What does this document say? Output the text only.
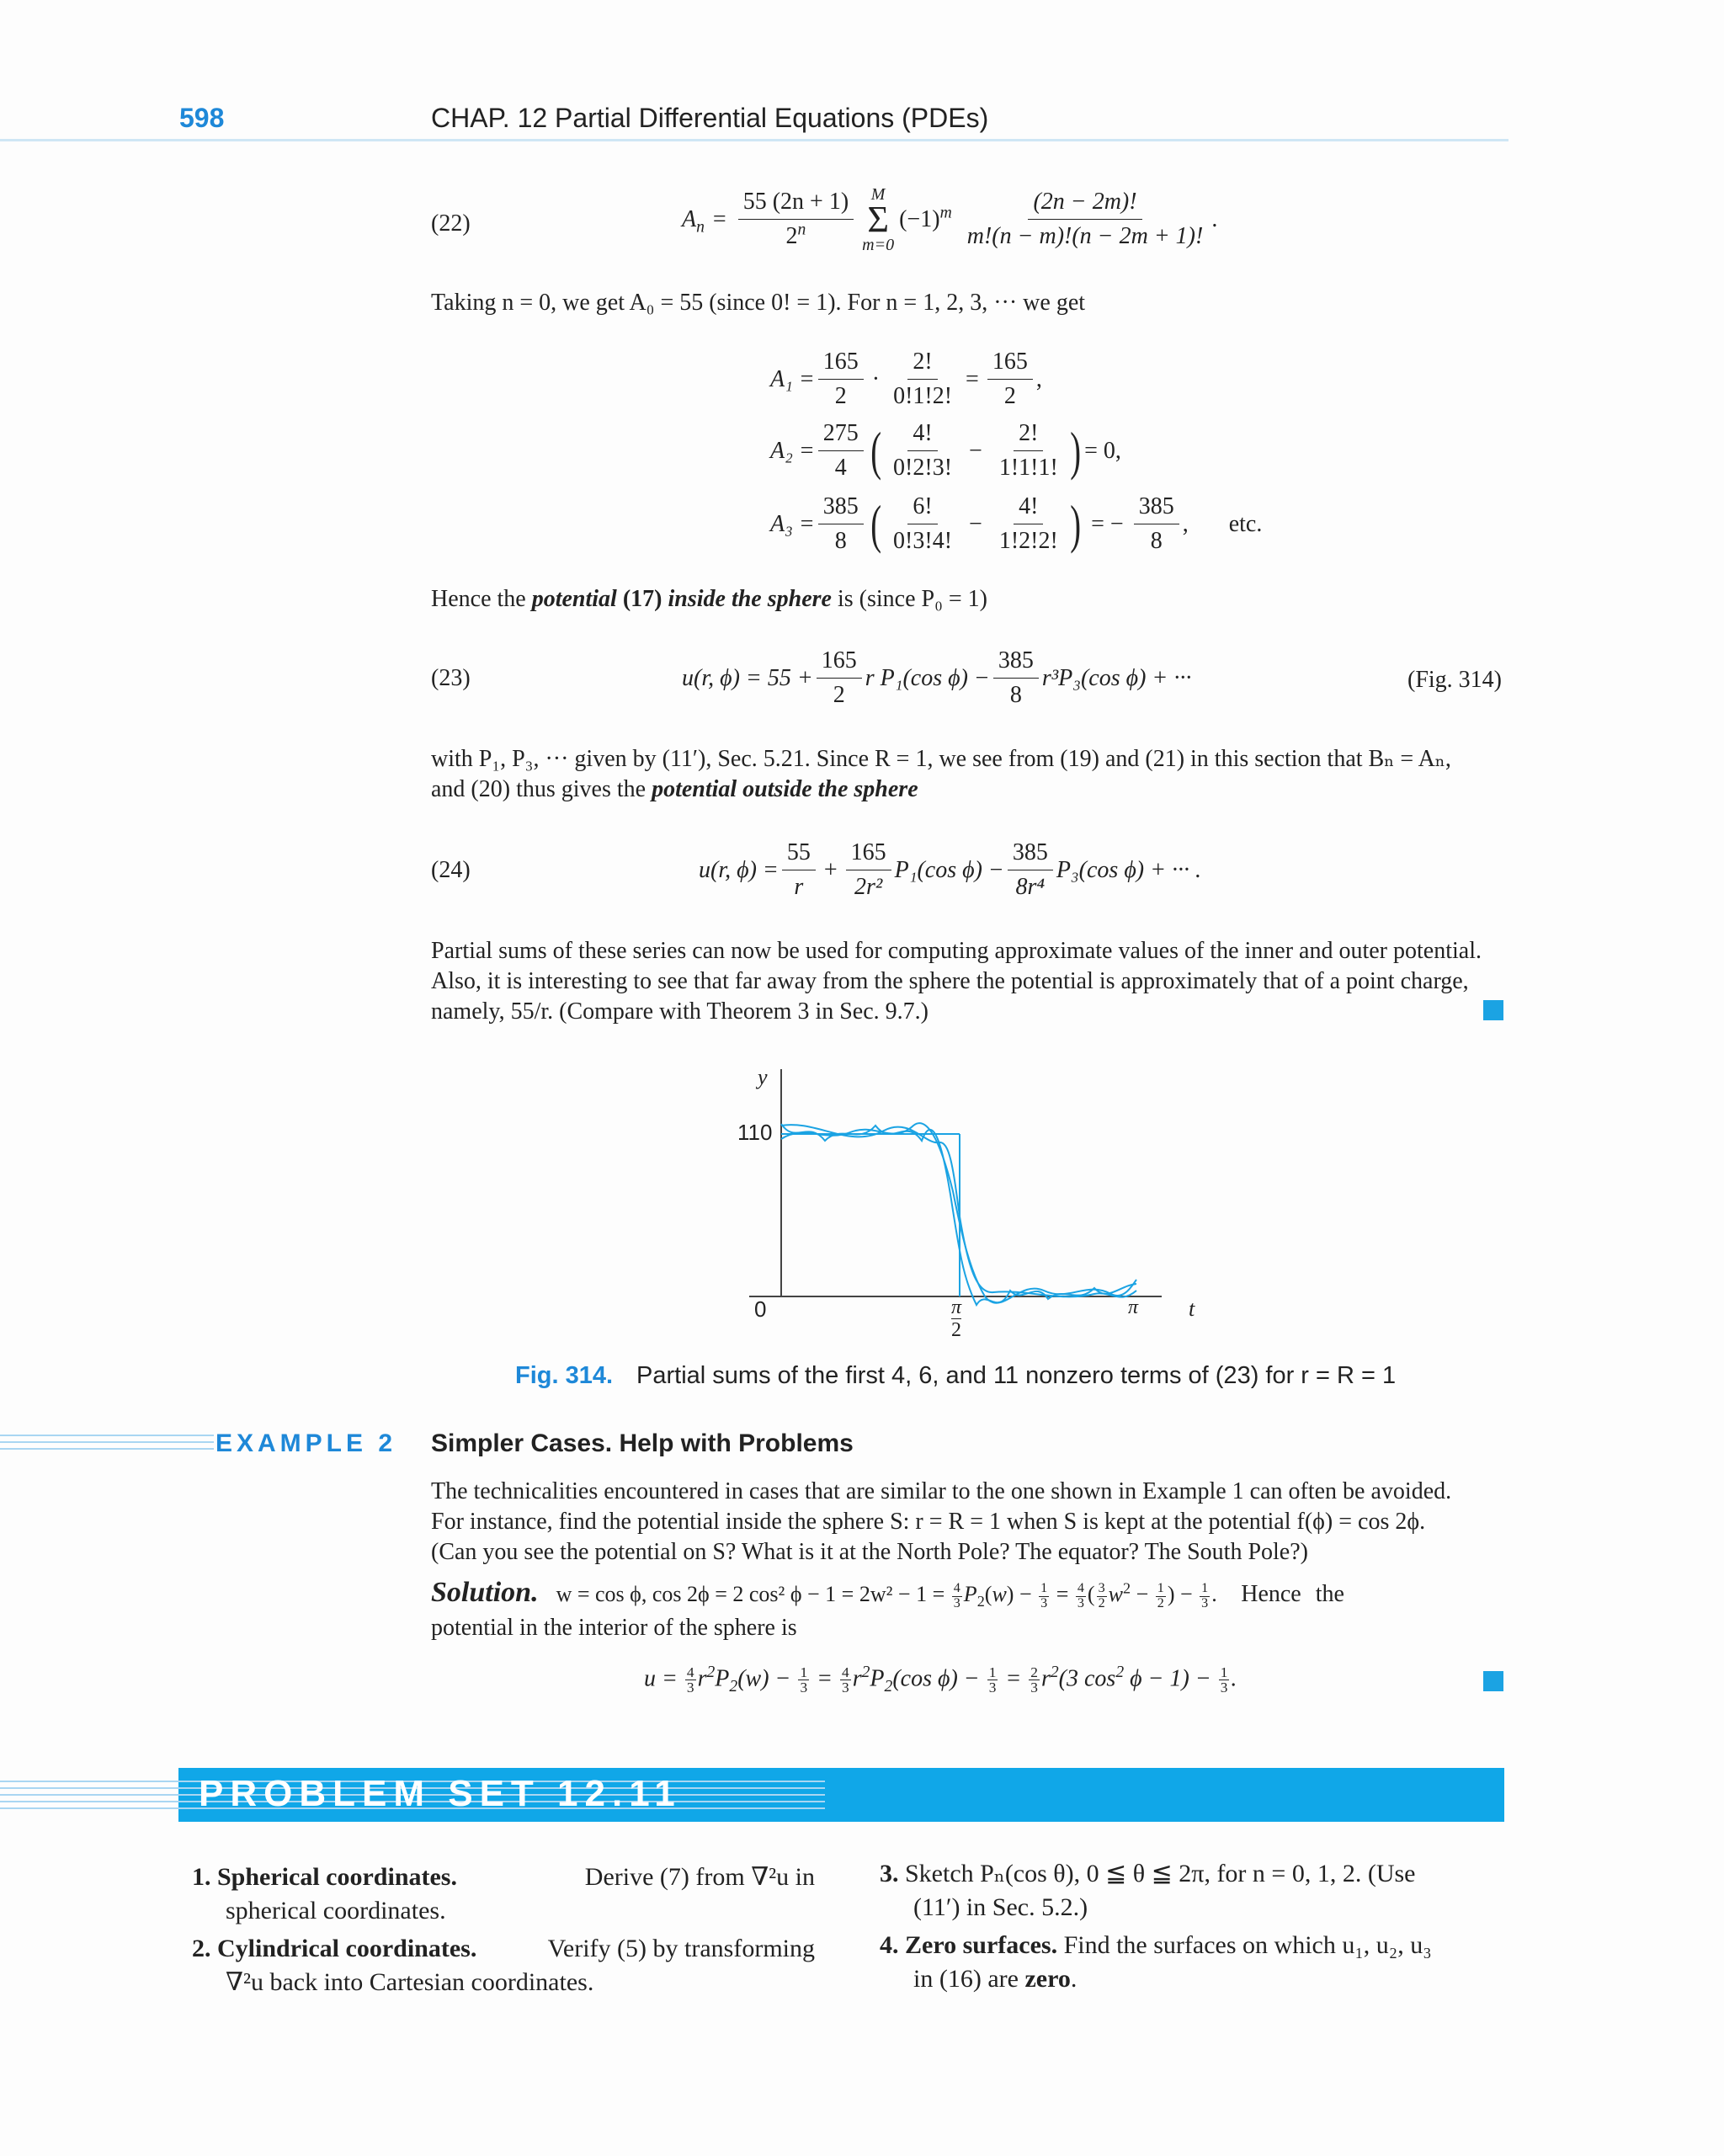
598	CHAP. 12 Partial Differential Equations (PDEs)
(22)	$A_n = \frac{55 (2n + 1)}{2^n}$ M
Σ
m=0
$(-1)^m \frac{(2n - 2m)!}{m!(n - m)!(n - 2m + 1)!}$ .
Taking n = 0, we get A₀ = 55 (since 0! = 1). For n = 1, 2, 3, ··· we get
$A_1 = \frac{165}{2} \cdot \frac{2!}{0!1!2!} = \frac{165}{2}$ ,
$A_2 = \frac{275}{4}$ ( $\frac{4!}{0!2!3!} - \frac{2!}{1!1!1!}$ ) = 0,
$A_3 = \frac{385}{8}$ ( $\frac{6!}{0!3!4!} - \frac{4!}{1!2!2!}$ ) = − $\frac{385}{8}$ , etc.
Hence the potential (17) inside the sphere is (since P₀ = 1)
(23)	u(r, $\phi) = 55 + \frac{165}{2}$ r P₁(cos $\phi) - \frac{385}{8} r^3P_3(\cos$ ϕ) + ···	(Fig. 314)
with P₁, P₃, ··· given by (11′), Sec. 5.21. Since R = 1, we see from (19) and (21) in this section that Bₙ = Aₙ,
and (20) thus gives the potential outside the sphere
(24)	u(r, $\phi) = \frac{55}{r} + \frac{165}{\text{2r²}} P_1(\cos$ $\phi) - \frac{385}{\text{8r⁴}} P_3(\cos$ ϕ) + ··· .
Partial sums of these series can now be used for computing approximate values of the inner and outer potential.
Also, it is interesting to see that far away from the sphere the potential is approximately that of a point charge,
namely, 55/r. (Compare with Theorem 3 in Sec. 9.7.)
y
110
0	π
2
π t
Fig. 314. Partial sums of the first 4, 6, and 11 nonzero terms of (23) for r = R = 1
EXAMPLE 2 Simpler Cases. Help with Problems
The technicalities encountered in cases that are similar to the one shown in Example 1 can often be avoided.
For instance, find the potential inside the sphere S: r = R = 1 when S is kept at the potential f(ϕ) = cos 2ϕ.
(Can you see the potential on S? What is it at the North Pole? The equator? The South Pole?)
Solution. w = cos ϕ, cos 2ϕ = 2 cos² $\phi - 1 = 2w^2 - 1 = \frac{4}{3} P_2(w) - \frac{1}{3} = \frac{4}{3}$ ( $\frac{3}{2} w^2 - \frac{1}{2}$ ) − $\frac{1}{3}$ . Hence the
potential in the interior of the sphere is
$u = \frac{4}{3} r^2P_2(w) - \frac{1}{3} = \frac{4}{3} r^2P_2(\cos$ $\phi) - \frac{1}{3} = \frac{2}{3} r^2(3$ $\cos^2 \phi - 1) - \frac{1}{3}$ .
PROBLEM SET 12.11
1. Spherical coordinates.	Derive (7) from ∇²u in
spherical coordinates.
2. Cylindrical coordinates.	Verify (5) by transforming
∇²u back into Cartesian coordinates.
3. Sketch Pₙ(cos θ), 0 ≦ θ ≦ 2π, for n = 0, 1, 2. (Use
(11′) in Sec. 5.2.)
4. Zero surfaces. Find the surfaces on which u₁, u₂, u₃
in (16) are zero.
